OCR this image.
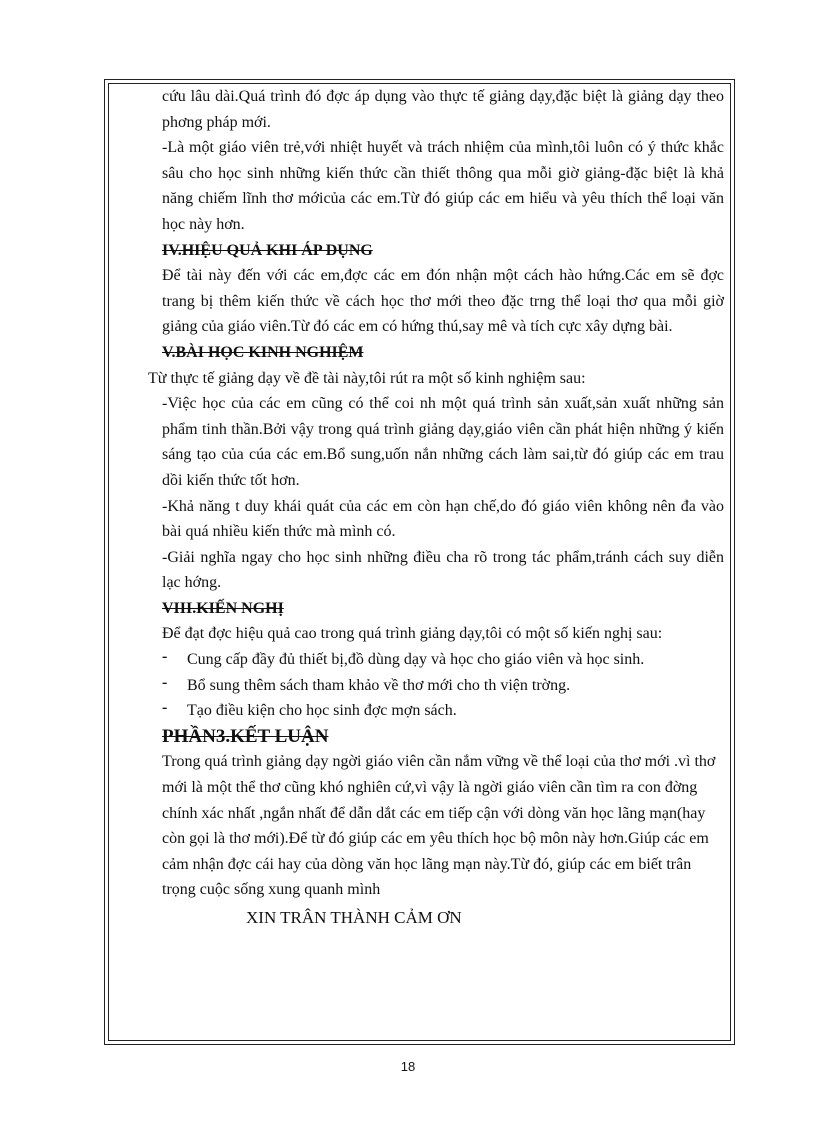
cứu lâu dài.Quá trình đó đợc áp dụng vào thực tế giảng dạy,đặc biệt là giảng dạy theo phơng pháp mới.

-Là một giáo viên trẻ,với nhiệt huyết và trách nhiệm của mình,tôi luôn có ý thức khắc sâu cho học sinh những kiến thức cần thiết thông qua mỗi giờ giảng-đặc biệt là khả năng chiếm lĩnh thơ mớicủa các em.Từ đó giúp các em hiểu và yêu thích thể loại văn học này hơn.

IV.HIỆU QUẢ KHI ÁP DỤNG

Để tài này đến với các em,đợc các em đón nhận một cách hào hứng.Các em sẽ đợc trang bị thêm kiến thức về cách học thơ mới theo đặc trng thể loại thơ qua mỗi giờ giảng của giáo viên.Từ đó các em có hứng thú,say mê và tích cực xây dựng bài.

V.BÀI HỌC KINH NGHIỆM

Từ thực tế giảng dạy về đề tài này,tôi rút ra một số kinh nghiệm sau:

-Việc học của các em cũng có thể coi nh một quá trình sản xuất,sản xuất những sản phẩm tinh thần.Bởi vậy trong quá trình giảng dạy,giáo viên cần phát hiện những ý kiến sáng tạo của cúa các em.Bổ sung,uốn nắn những cách làm sai,từ đó giúp các em trau dồi kiến thức tốt hơn.

-Khả năng t duy khái quát của các em còn hạn chế,do đó giáo viên không nên đa vào bài quá nhiều kiến thức mà mình có.

-Giải nghĩa ngay cho học sinh những điều cha rõ trong tác phẩm,tránh cách suy diễn lạc hớng.

VIII.KIẾN NGHỊ

Để đạt đợc hiệu quả cao trong quá trình giảng dạy,tôi có một số kiến nghị sau:

- Cung cấp đầy đủ thiết bị,đồ dùng dạy và học cho giáo viên và học sinh.

- Bổ sung thêm sách tham khảo về thơ mới cho th viện trờng.

- Tạo điều kiện cho học sinh đợc mợn sách.

PHẦN3.KẾT LUẬN

Trong quá trình giảng dạy ngời giáo viên cần nắm vững về thể loại của thơ mới .vì thơ mới là một thể thơ cũng khó nghiên cứ,vì vậy là ngời giáo viên cần tìm ra con đờng chính xác nhất ,ngắn nhất để dẫn dắt các em tiếp cận với dòng văn học lãng mạn(hay còn gọi là thơ mới).Để từ đó giúp các em yêu thích học bộ môn này hơn.Giúp các em cảm nhận đợc cái hay của dòng văn học lãng mạn này.Từ đó, giúp các em biết trân trọng cuộc sống xung quanh mình

XIN TRÂN THÀNH CẢM ƠN

18
